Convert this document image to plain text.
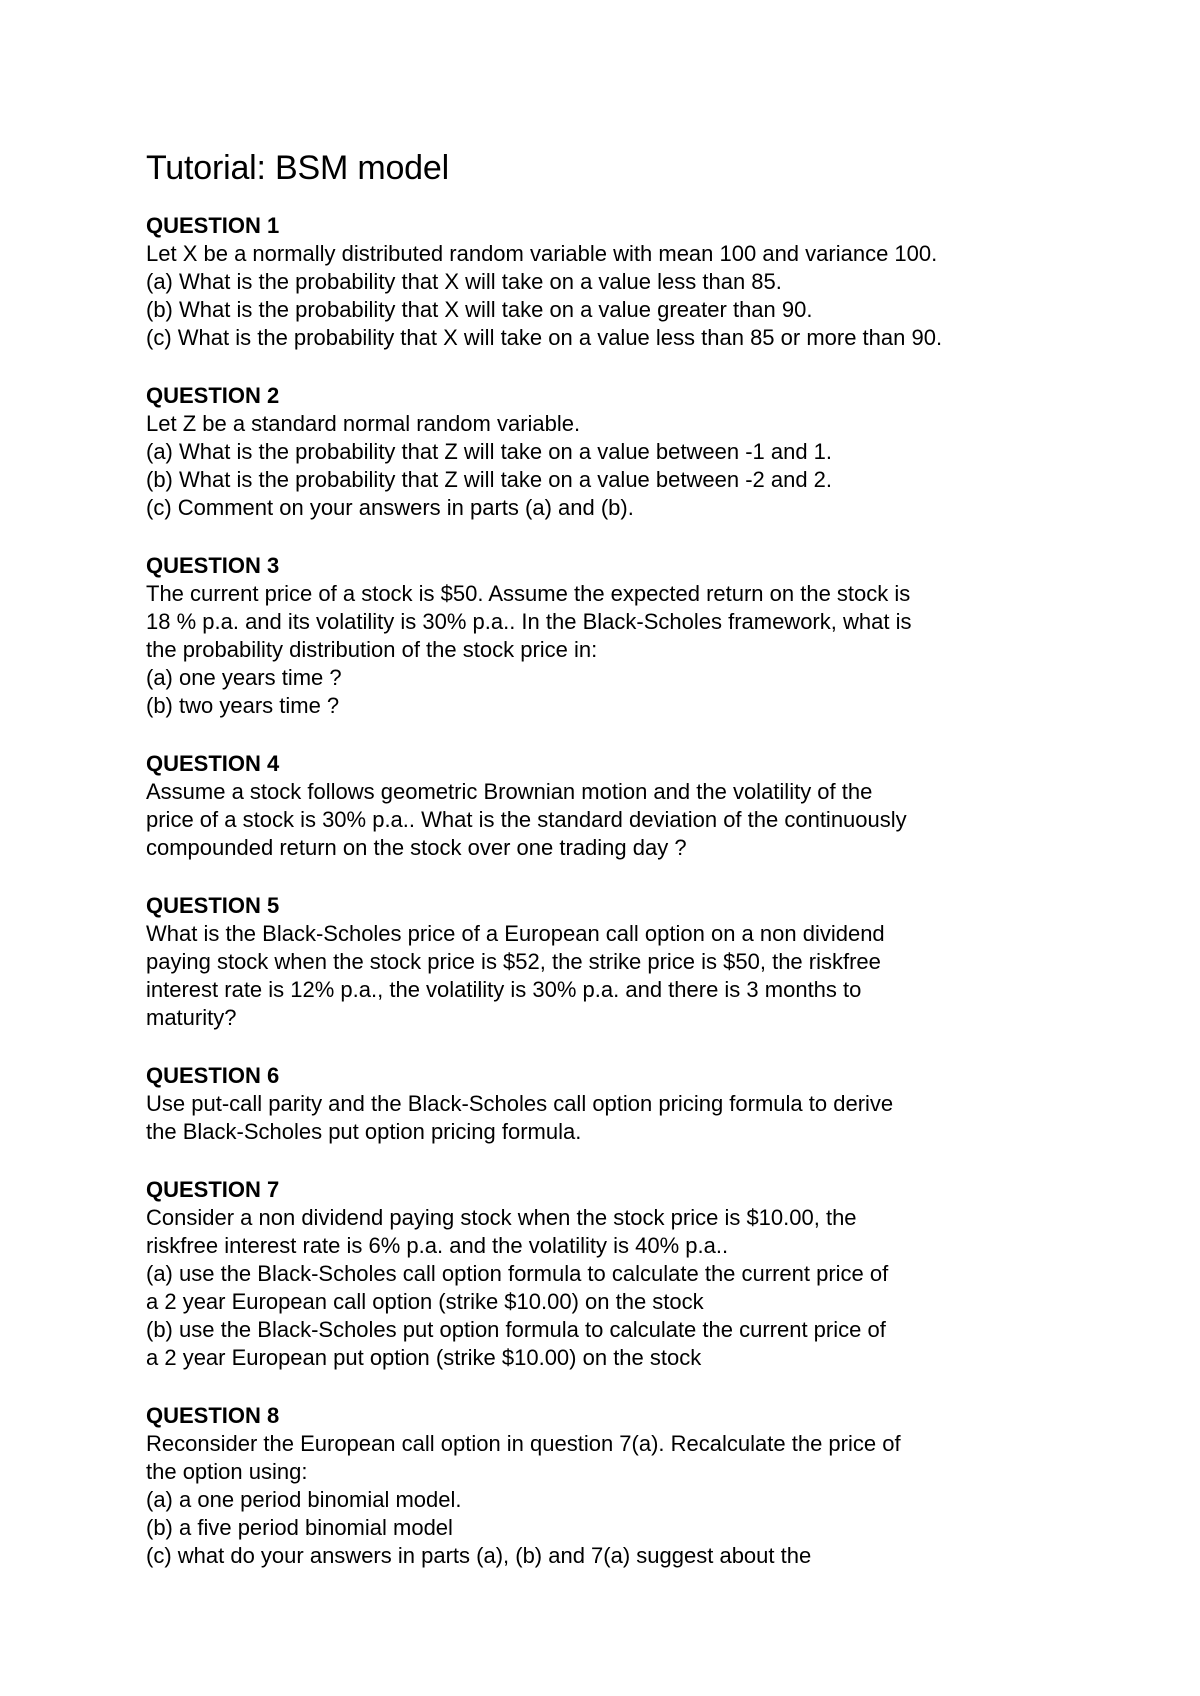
Tutorial: BSM model

QUESTION 1

Let X be a normally distributed random variable with mean 100 and variance 100.

(a) What is the probability that X will take on a value less than 85.

(b) What is the probability that X will take on a value greater than 90.

(c) What is the probability that X will take on a value less than 85 or more than 90.

QUESTION 2

Let Z be a standard normal random variable.

(a) What is the probability that Z will take on a value between -1 and 1.

(b) What is the probability that Z will take on a value between -2 and 2.

(c) Comment on your answers in parts (a) and (b).

QUESTION 3

The current price of a stock is $50. Assume the expected return on the stock is

18 % p.a. and its volatility is 30% p.a.. In the Black-Scholes framework, what is

the probability distribution of the stock price in:

(a) one years time ?

(b) two years time ?

QUESTION 4

Assume a stock follows geometric Brownian motion and the volatility of the

price of a stock is 30% p.a.. What is the standard deviation of the continuously

compounded return on the stock over one trading day ?

QUESTION 5

What is the Black-Scholes price of a European call option on a non dividend

paying stock when the stock price is $52, the strike price is $50, the riskfree

interest rate is 12% p.a., the volatility is 30% p.a. and there is 3 months to

maturity?

QUESTION 6

Use put-call parity and the Black-Scholes call option pricing formula to derive

the Black-Scholes put option pricing formula.

QUESTION 7

Consider a non dividend paying stock when the stock price is $10.00, the

riskfree interest rate is 6% p.a. and the volatility is 40% p.a..

(a) use the Black-Scholes call option formula to calculate the current price of

a 2 year European call option (strike $10.00) on the stock

(b) use the Black-Scholes put option formula to calculate the current price of

a 2 year European put option (strike $10.00) on the stock

QUESTION 8

Reconsider the European call option in question 7(a). Recalculate the price of

the option using:

(a) a one period binomial model.

(b) a five period binomial model

(c) what do your answers in parts (a), (b) and 7(a) suggest about the
